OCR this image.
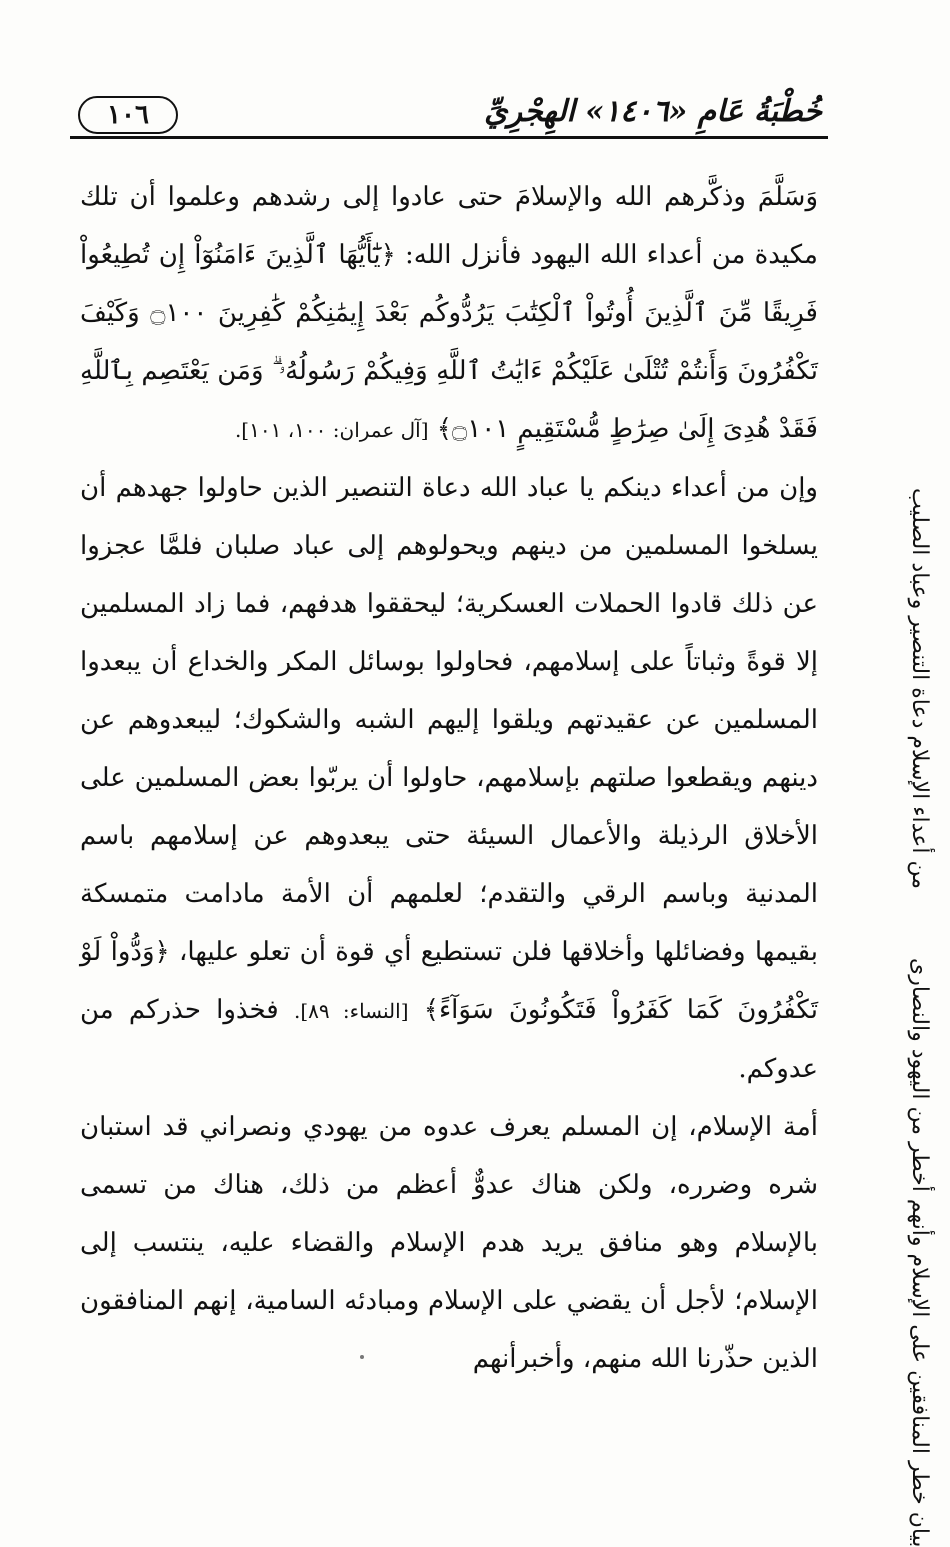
١٠٦	خُطْبَةُ عَامِ «١٤٠٦» الهِجْرِيِّ

وَسَلَّمَ وذكَّرهم الله والإسلامَ حتى عادوا إلى رشدهم وعلموا أن تلك مكيدة من أعداء الله اليهود فأنزل الله: ﴿يَٰٓأَيُّهَا ٱلَّذِينَ ءَامَنُوٓاْ إِن تُطِيعُواْ فَرِيقًا مِّنَ ٱلَّذِينَ أُوتُواْ ٱلْكِتَٰبَ يَرُدُّوكُم بَعْدَ إِيمَٰنِكُمْ كَٰفِرِينَ ۝١٠٠ وَكَيْفَ تَكْفُرُونَ وَأَنتُمْ تُتْلَىٰ عَلَيْكُمْ ءَايَٰتُ ٱللَّهِ وَفِيكُمْ رَسُولُهُۥ ۗ وَمَن يَعْتَصِم بِٱللَّهِ فَقَدْ هُدِىَ إِلَىٰ صِرَٰطٍ مُّسْتَقِيمٍ ۝١٠١﴾ [آل عمران: ١٠٠، ١٠١].

وإن من أعداء دينكم يا عباد الله دعاة التنصير الذين حاولوا جهدهم أن يسلخوا المسلمين من دينهم ويحولوهم إلى عباد صلبان فلمَّا عجزوا عن ذلك قادوا الحملات العسكرية؛ ليحققوا هدفهم، فما زاد المسلمين إلا قوةً وثباتاً على إسلامهم، فحاولوا بوسائل المكر والخداع أن يبعدوا المسلمين عن عقيدتهم ويلقوا إليهم الشبه والشكوك؛ ليبعدوهم عن دينهم ويقطعوا صلتهم بإسلامهم، حاولوا أن يربّوا بعض المسلمين على الأخلاق الرذيلة والأعمال السيئة حتى يبعدوهم عن إسلامهم باسم المدنية وباسم الرقي والتقدم؛ لعلمهم أن الأمة مادامت متمسكة بقيمها وفضائلها وأخلاقها فلن تستطيع أي قوة أن تعلو عليها، ﴿وَدُّواْ لَوْ تَكْفُرُونَ كَمَا كَفَرُواْ فَتَكُونُونَ سَوَآءً﴾ [النساء: ٨٩]. فخذوا حذركم من عدوكم.

أمة الإسلام، إن المسلم يعرف عدوه من يهودي ونصراني قد استبان شره وضرره، ولكن هناك عدوٌّ أعظم من ذلك، هناك من تسمى بالإسلام وهو منافق يريد هدم الإسلام والقضاء عليه، ينتسب إلى الإسلام؛ لأجل أن يقضي على الإسلام ومبادئه السامية، إنهم المنافقون الذين حذّرنا الله منهم، وأخبرأنهم

من أعداء الإسلام دعاة التنصير وعباد الصليب
بيان خطر المنافقين على الإسلام وأنهم أخطر من اليهود والنصارى
